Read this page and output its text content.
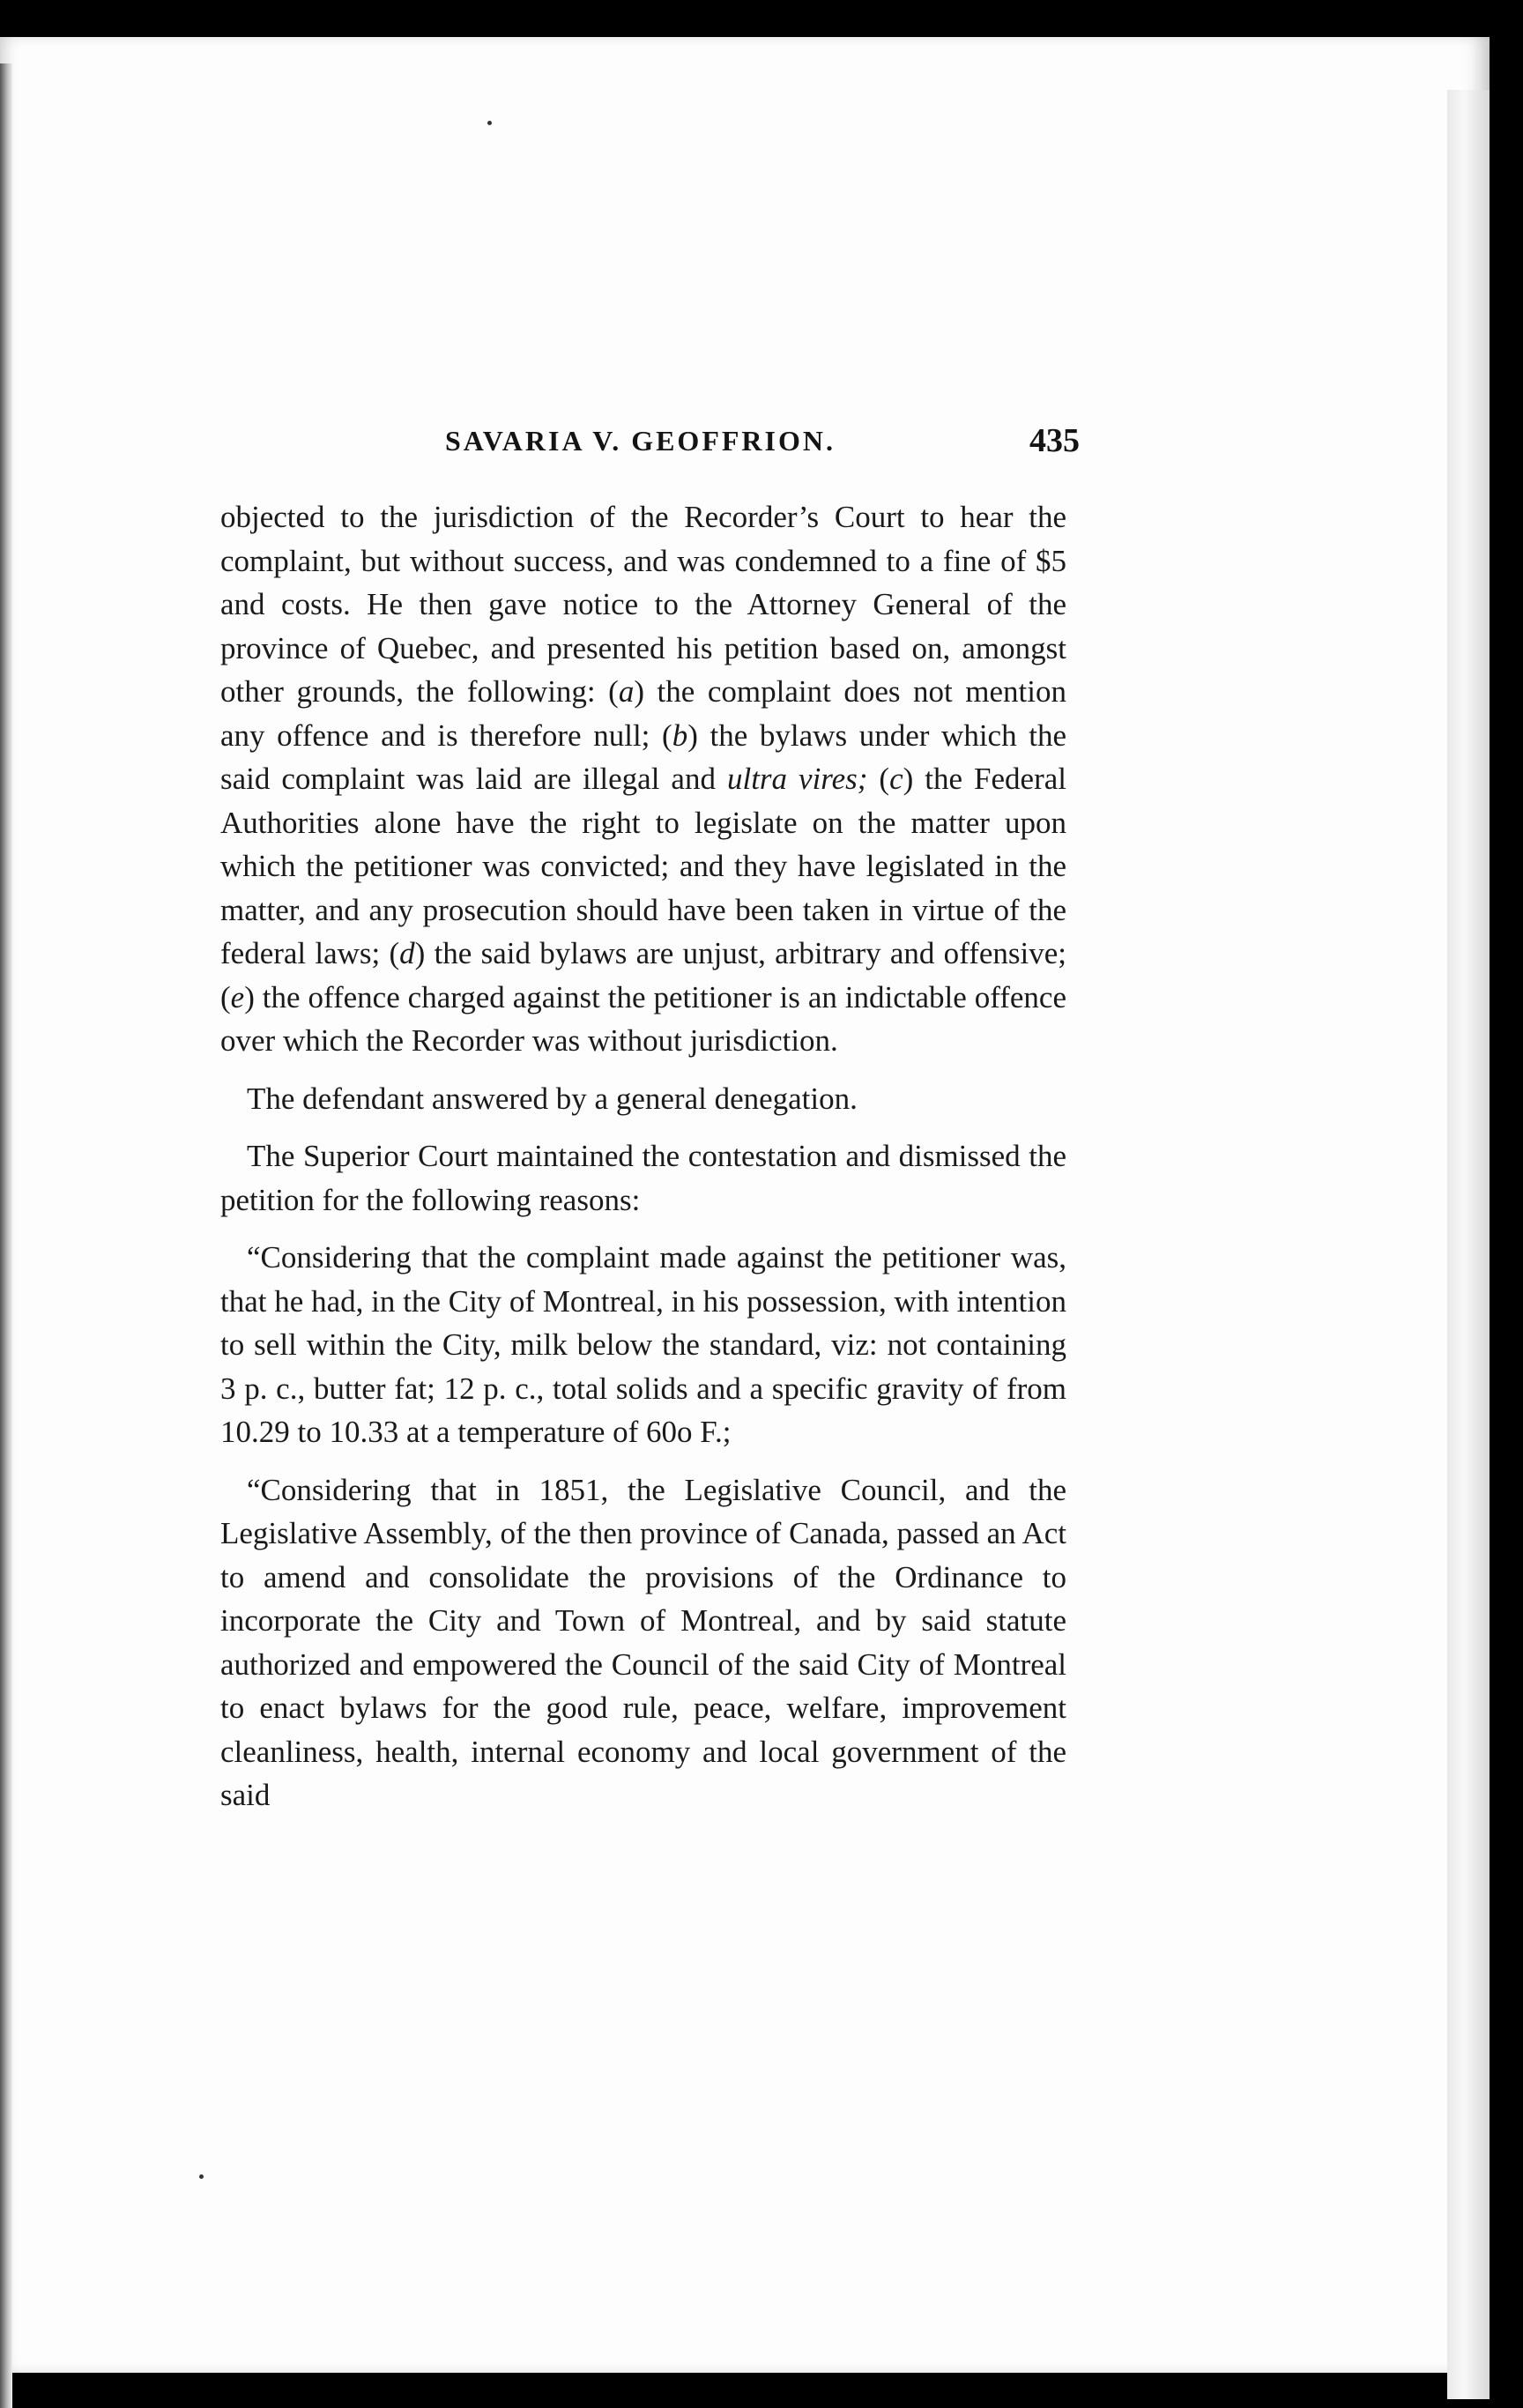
SAVARIA V. GEOFFRION.	435

objected to the jurisdiction of the Recorder’s Court to hear the complaint, but without success, and was condemned to a fine of $5 and costs. He then gave notice to the Attorney General of the province of Quebec, and presented his petition based on, amongst other grounds, the following: (a) the complaint does not mention any offence and is therefore null; (b) the bylaws under which the said complaint was laid are illegal and ultra vires; (c) the Federal Authorities alone have the right to legislate on the matter upon which the petitioner was convicted; and they have legislated in the matter, and any prosecution should have been taken in virtue of the federal laws; (d) the said bylaws are unjust, arbitrary and offensive; (e) the offence charged against the petitioner is an indictable offence over which the Recorder was without jurisdiction.

The defendant answered by a general denegation.

The Superior Court maintained the contestation and dismissed the petition for the following reasons:

“Considering that the complaint made against the petitioner was, that he had, in the City of Montreal, in his possession, with intention to sell within the City, milk below the standard, viz: not containing 3 p. c., butter fat; 12 p. c., total solids and a specific gravity of from 10.29 to 10.33 at a temperature of 60o F.;

“Considering that in 1851, the Legislative Council, and the Legislative Assembly, of the then province of Canada, passed an Act to amend and consolidate the provisions of the Ordinance to incorporate the City and Town of Montreal, and by said statute authorized and empowered the Council of the said City of Montreal to enact bylaws for the good rule, peace, welfare, improvement cleanliness, health, internal economy and local government of the said
